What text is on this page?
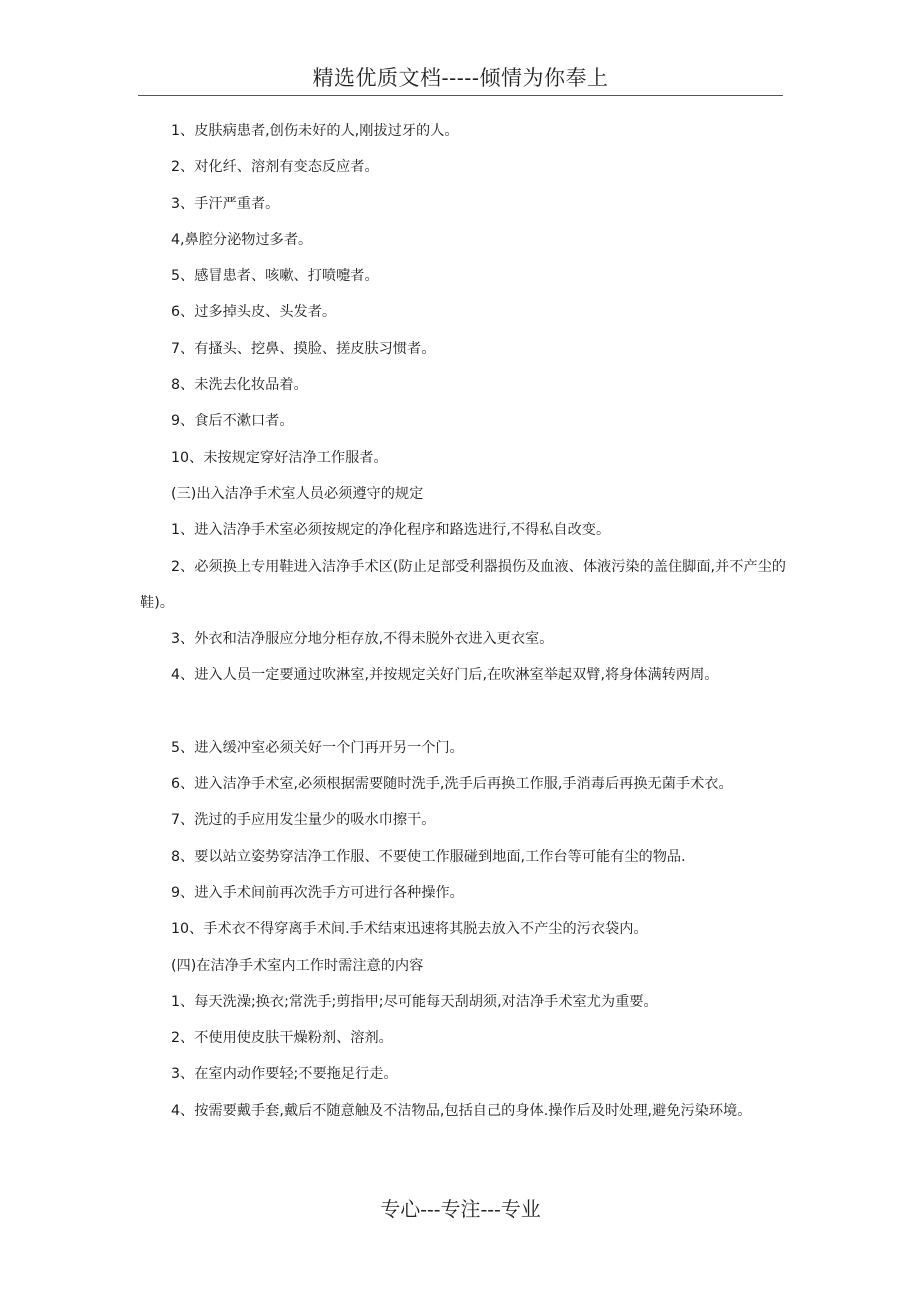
精选优质文档-----倾情为你奉上

1、皮肤病患者,创伤未好的人,刚拔过牙的人。

2、对化纤、溶剂有变态反应者。

3、手汗严重者。

4,鼻腔分泌物过多者。

5、感冒患者、咳嗽、打喷嚏者。

6、过多掉头皮、头发者。

7、有搔头、挖鼻、摸脸、搓皮肤习惯者。

8、未洗去化妆品着。

9、食后不漱口者。

10、未按规定穿好洁净工作服者。

(三)出入洁净手术室人员必须遵守的规定

1、进入洁净手术室必须按规定的净化程序和路选进行,不得私自改变。

2、必须换上专用鞋进入洁净手术区(防止足部受利器损伤及血液、体液污染的盖住脚面,并不产尘的鞋)。

3、外衣和洁净服应分地分柜存放,不得未脱外衣进入更衣室。

4、进入人员一定要通过吹淋室,并按规定关好门后,在吹淋室举起双臂,将身体满转两周。

5、进入缓冲室必须关好一个门再开另一个门。

6、进入洁净手术室,必须根据需要随时洗手,洗手后再换工作服,手消毒后再换无菌手术衣。

7、洗过的手应用发尘量少的吸水巾擦干。

8、要以站立姿势穿洁净工作服、不要使工作服碰到地面,工作台等可能有尘的物品.

9、进入手术间前再次洗手方可进行各种操作。

10、手术衣不得穿离手术间.手术结束迅速将其脱去放入不产尘的污衣袋内。

(四)在洁净手术室内工作时需注意的内容

1、每天洗澡;换衣;常洗手;剪指甲;尽可能每天刮胡须,对洁净手术室尤为重要。

2、不使用使皮肤干燥粉剂、溶剂。

3、在室内动作要轻;不要拖足行走。

4、按需要戴手套,戴后不随意触及不洁物品,包括自己的身体.操作后及时处理,避免污染环境。

专心---专注---专业
